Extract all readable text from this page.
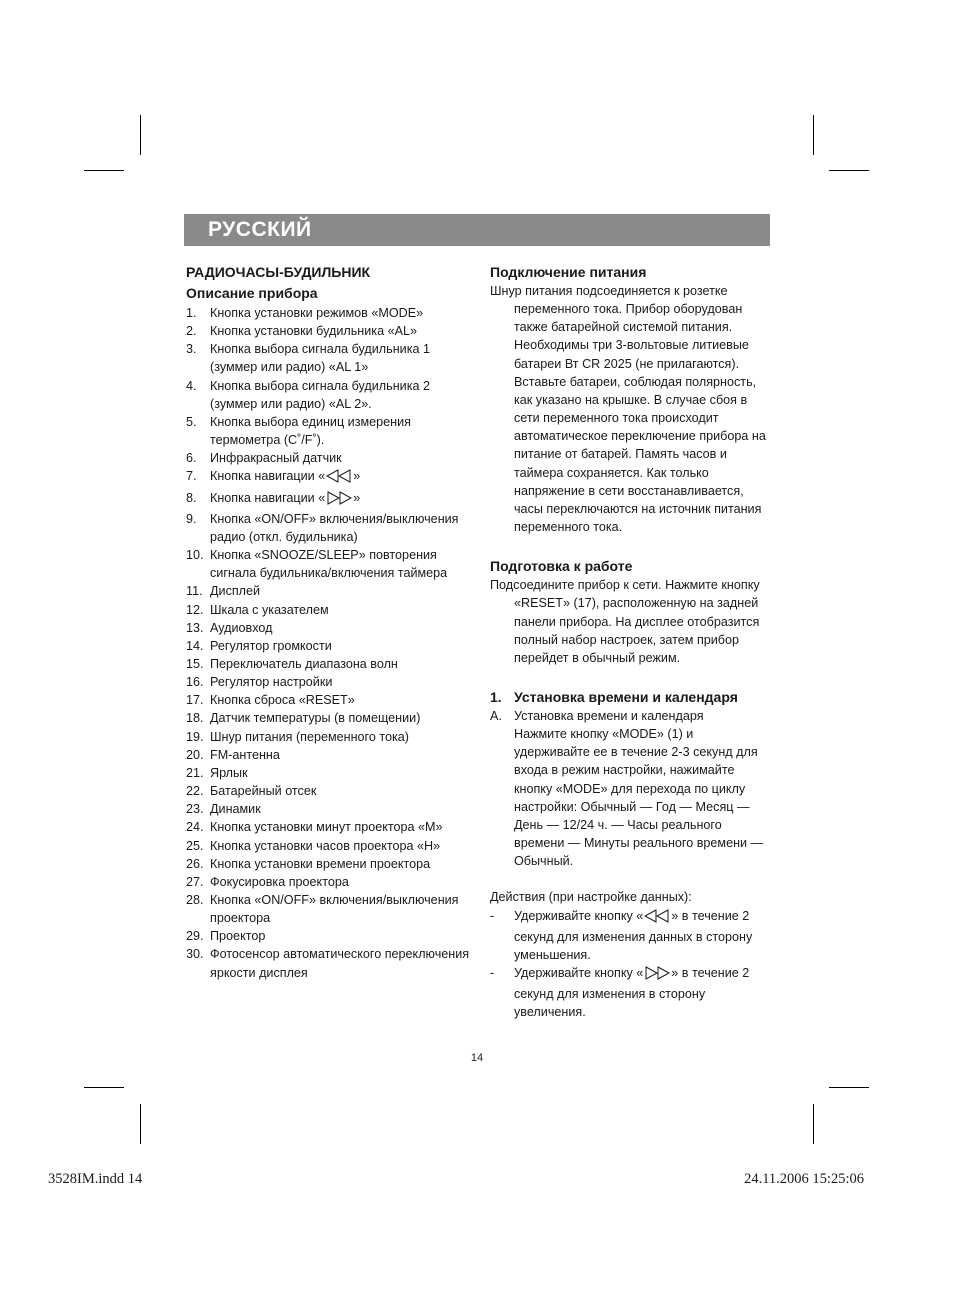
РУССКИЙ
РАДИОЧАСЫ-БУДИЛЬНИК
Описание прибора
1. Кнопка установки режимов «MODE»
2. Кнопка установки будильника «AL»
3. Кнопка выбора сигнала будильника 1 (зуммер или радио) «AL 1»
4. Кнопка выбора сигнала будильника 2 (зуммер или радио) «AL 2».
5. Кнопка выбора единиц измерения термометра (C˚/F˚).
6. Инфракрасный датчик
7. Кнопка навигации « »
8. Кнопка навигации « »
9. Кнопка «ON/OFF» включения/выключения радио (откл. будильника)
10. Кнопка «SNOOZE/SLEEP» повторения сигнала будильника/включения таймера
11. Дисплей
12. Шкала с указателем
13. Аудиовход
14. Регулятор громкости
15. Переключатель диапазона волн
16. Регулятор настройки
17. Кнопка сброса «RESET»
18. Датчик температуры (в помещении)
19. Шнур питания (переменного тока)
20. FM-антенна
21. Ярлык
22. Батарейный отсек
23. Динамик
24. Кнопка установки минут проектора «M»
25. Кнопка установки часов проектора «H»
26. Кнопка установки времени проектора
27. Фокусировка проектора
28. Кнопка «ON/OFF» включения/выключения проектора
29. Проектор
30. Фотосенсор автоматического переключения яркости дисплея
Подключение питания

Шнур питания подсоединяется к розетке переменного тока. Прибор оборудован также батарейной системой питания. Необходимы три 3-вольтовые литиевые батареи Вт CR 2025 (не прилагаются). Вставьте батареи, соблюдая полярность, как указано на крышке. В случае сбоя в сети переменного тока происходит автоматическое переключение прибора на питание от батарей. Память часов и таймера сохраняется. Как только напряжение в сети восстанавливается, часы переключаются на источник питания переменного тока.

Подготовка к работе

Подсоедините прибор к сети. Нажмите кнопку «RESET» (17), расположенную на задней панели прибора. На дисплее отобразится полный набор настроек, затем прибор перейдет в обычный режим.

1. Установка времени и календаря
A. Установка времени и календаря
Нажмите кнопку «MODE» (1) и удерживайте ее в течение 2-3 секунд для входа в режим настройки, нажимайте кнопку «MODE» для перехода по циклу настройки: Обычный — Год — Месяц — День — 12/24 ч. — Часы реального времени — Минуты реального времени — Обычный.
Действия (при настройке данных):
- Удерживайте кнопку « » в течение 2 секунд для изменения данных в сторону уменьшения.
- Удерживайте кнопку « » в течение 2 секунд для изменения в сторону увеличения.
14
3528IM.indd 14	24.11.2006 15:25:06
